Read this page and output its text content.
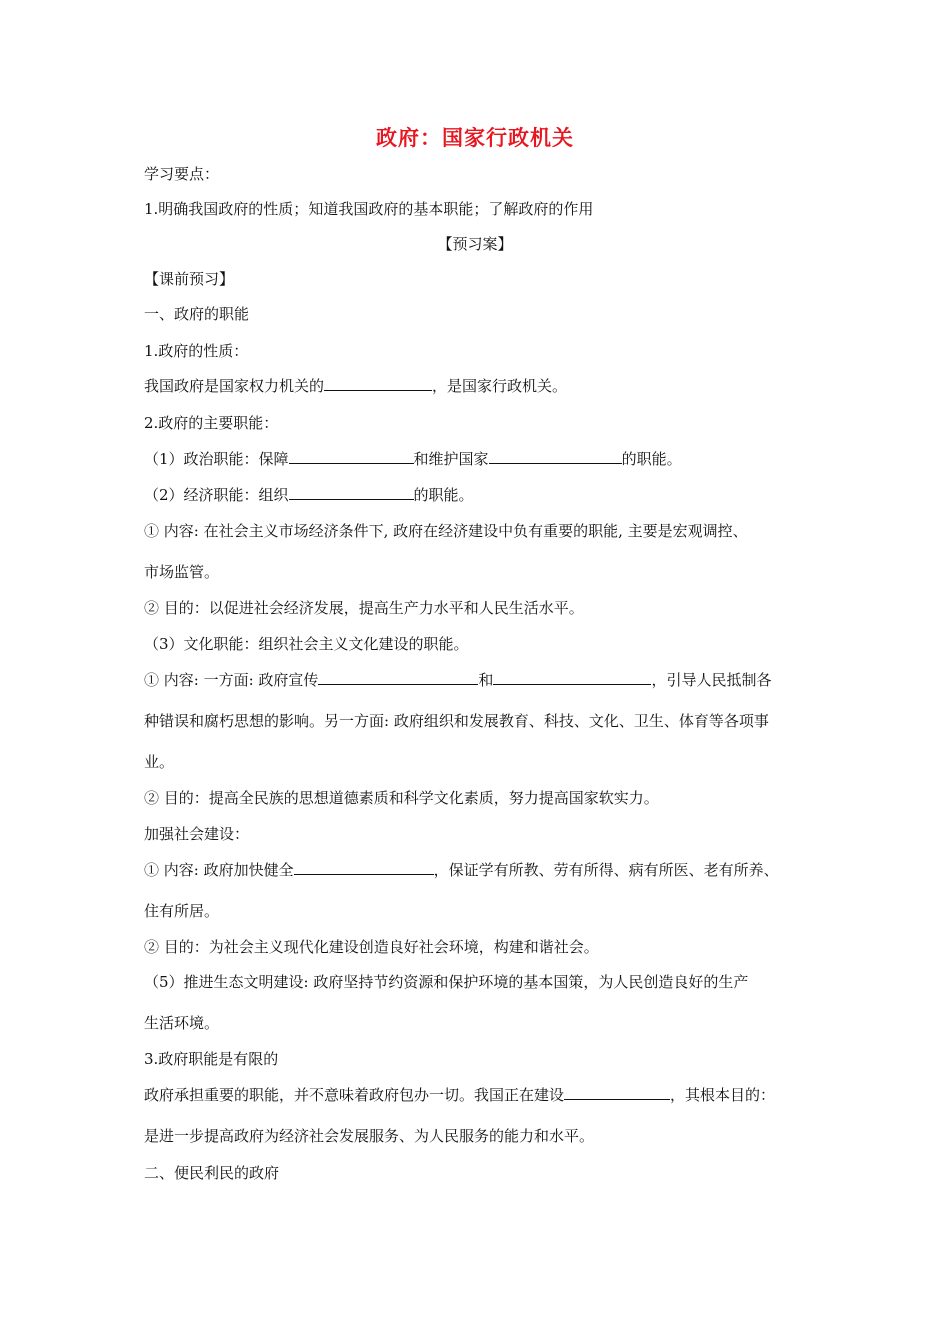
政府：国家行政机关
学习要点：
1.明确我国政府的性质；知道我国政府的基本职能；了解政府的作用
【预习案】
【课前预习】
一、政府的职能
1.政府的性质：
我国政府是国家权力机关的	，是国家行政机关。
2.政府的主要职能：
（1）政治职能：保障	和维护国家	的职能。
（2）经济职能：组织	的职能。
① 内容: 在社会主义市场经济条件下, 政府在经济建设中负有重要的职能, 主要是宏观调控、
市场监管。
② 目的：以促进社会经济发展，提高生产力水平和人民生活水平。
（3）文化职能：组织社会主义文化建设的职能。
① 内容: 一方面: 政府宣传	和	，引导人民抵制各
种错误和腐朽思想的影响。另一方面: 政府组织和发展教育、科技、文化、卫生、体育等各项事
业。
② 目的：提高全民族的思想道德素质和科学文化素质，努力提高国家软实力。
加强社会建设：
① 内容: 政府加快健全	，保证学有所教、劳有所得、病有所医、老有所养、
住有所居。
② 目的：为社会主义现代化建设创造良好社会环境，构建和谐社会。
（5）推进生态文明建设: 政府坚持节约资源和保护环境的基本国策，为人民创造良好的生产
生活环境。
3.政府职能是有限的
政府承担重要的职能，并不意味着政府包办一切。我国正在建设	，其根本目的：
是进一步提高政府为经济社会发展服务、为人民服务的能力和水平。
二、便民利民的政府
